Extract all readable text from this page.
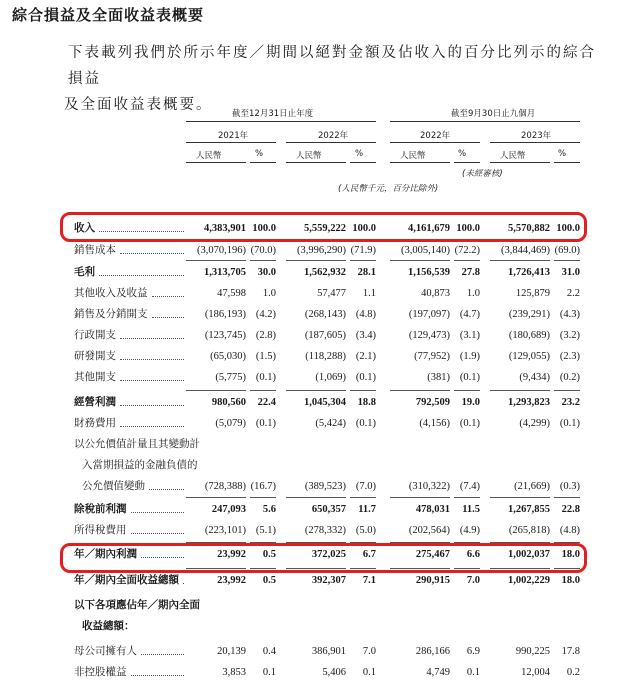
綜合損益及全面收益表概要
下表載列我們於所示年度／期間以絕對金額及佔收入的百分比列示的綜合損益
及全面收益表概要。
截至12月31日止年度	截至9月30日止九個月
2021年	2022年	2022年	2023年
人民幣	%	人民幣	%	人民幣	%	人民幣	%
(未經審核)
(人民幣千元，百分比除外)
收入	4,383,901 100.0	5,559,222 100.0	4,161,679 100.0	5,570,882 100.0
銷售成本	(3,070,196) (70.0) (3,996,290) (71.9) (3,005,140) (72.2) (3,844,469) (69.0)
毛利	1,313,705 30.0	1,562,932 28.1	1,156,539 27.8	1,726,413 31.0
其他收入及收益	47,598 1.0	57,477 1.1	40,873 1.0	125,879 2.2
銷售及分銷開支	(186,193) (4.2)	(268,143) (4.8)	(197,097) (4.7)	(239,291) (4.3)
行政開支	(123,745) (2.8)	(187,605) (3.4)	(129,473) (3.1)	(180,689) (3.2)
研發開支	(65,030) (1.5)	(118,288) (2.1)	(77,952) (1.9)	(129,055) (2.3)
其他開支	(5,775) (0.1)	(1,069) (0.1)	(381) (0.1)	(9,434) (0.2)
經營利潤	980,560 22.4	1,045,304 18.8	792,509 19.0	1,293,823 23.2
財務費用	(5,079) (0.1)	(5,424) (0.1)	(4,156) (0.1)	(4,299) (0.1)
以公允價值計量且其變動計
入當期損益的金融負債的
公允價值變動	(728,388) (16.7)	(389,523) (7.0)	(310,322) (7.4)	(21,669) (0.3)
除稅前利潤	247,093 5.6	650,357 11.7	478,031 11.5	1,267,855 22.8
所得稅費用	(223,101) (5.1)	(278,332) (5.0)	(202,564) (4.9)	(265,818) (4.8)
年／期內利潤	23,992 0.5	372,025 6.7	275,467 6.6	1,002,037 18.0
年／期內全面收益總額	23,992 0.5	392,307 7.1	290,915 7.0	1,002,229 18.0
以下各項應佔年／期內全面
收益總額：
母公司擁有人	20,139 0.4	386,901 7.0	286,166 6.9	990,225 17.8
非控股權益	3,853 0.1	5,406 0.1	4,749 0.1	12,004 0.2
